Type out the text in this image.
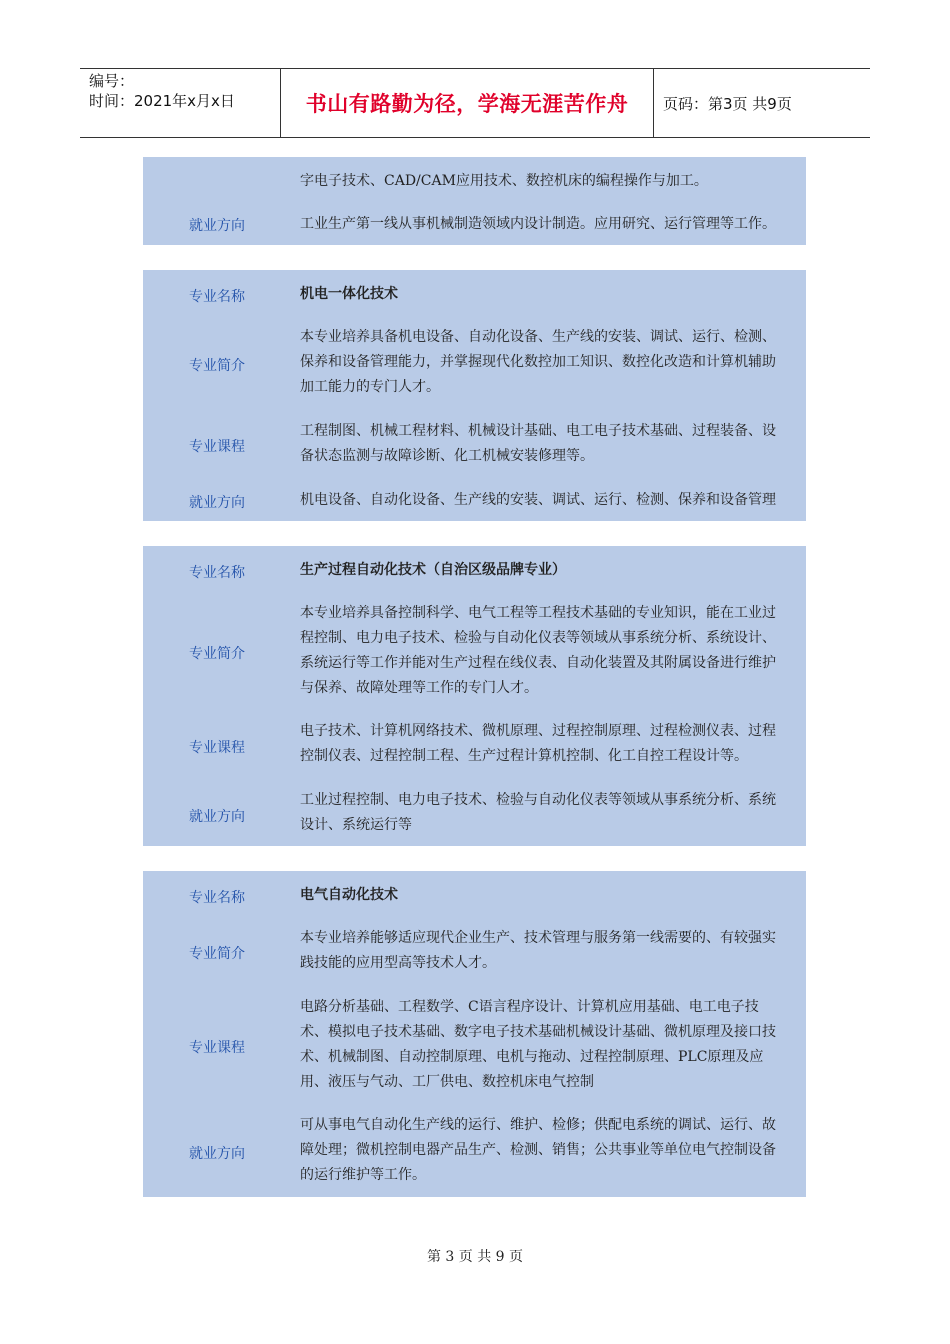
编号：
时间：2021年x月x日	书山有路勤为径，学海无涯苦作舟	页码：第3页 共9页
字电子技术、CAD/CAM应用技术、数控机床的编程操作与加工。
就业方向	工业生产第一线从事机械制造领域内设计制造。应用研究、运行管理等工作。
专业名称	机电一体化技术
专业简介
本专业培养具备机电设备、自动化设备、生产线的安装、调试、运行、检测、
保养和设备管理能力，并掌握现代化数控加工知识、数控化改造和计算机辅助
加工能力的专门人才。
专业课程
工程制图、机械工程材料、机械设计基础、电工电子技术基础、过程装备、设
备状态监测与故障诊断、化工机械安装修理等。
就业方向	机电设备、自动化设备、生产线的安装、调试、运行、检测、保养和设备管理
专业名称	生产过程自动化技术（自治区级品牌专业）
专业简介
本专业培养具备控制科学、电气工程等工程技术基础的专业知识，能在工业过
程控制、电力电子技术、检验与自动化仪表等领域从事系统分析、系统设计、
系统运行等工作并能对生产过程在线仪表、自动化装置及其附属设备进行维护
与保养、故障处理等工作的专门人才。
专业课程
电子技术、计算机网络技术、微机原理、过程控制原理、过程检测仪表、过程
控制仪表、过程控制工程、生产过程计算机控制、化工自控工程设计等。
就业方向
工业过程控制、电力电子技术、检验与自动化仪表等领域从事系统分析、系统
设计、系统运行等
专业名称	电气自动化技术
专业简介
本专业培养能够适应现代企业生产、技术管理与服务第一线需要的、有较强实
践技能的应用型高等技术人才。
专业课程
电路分析基础、工程数学、C语言程序设计、计算机应用基础、电工电子技
术、模拟电子技术基础、数字电子技术基础机械设计基础、微机原理及接口技
术、机械制图、自动控制原理、电机与拖动、过程控制原理、PLC原理及应
用、液压与气动、工厂供电、数控机床电气控制
就业方向
可从事电气自动化生产线的运行、维护、检修；供配电系统的调试、运行、故
障处理；微机控制电器产品生产、检测、销售；公共事业等单位电气控制设备
的运行维护等工作。
第 3 页 共 9 页
